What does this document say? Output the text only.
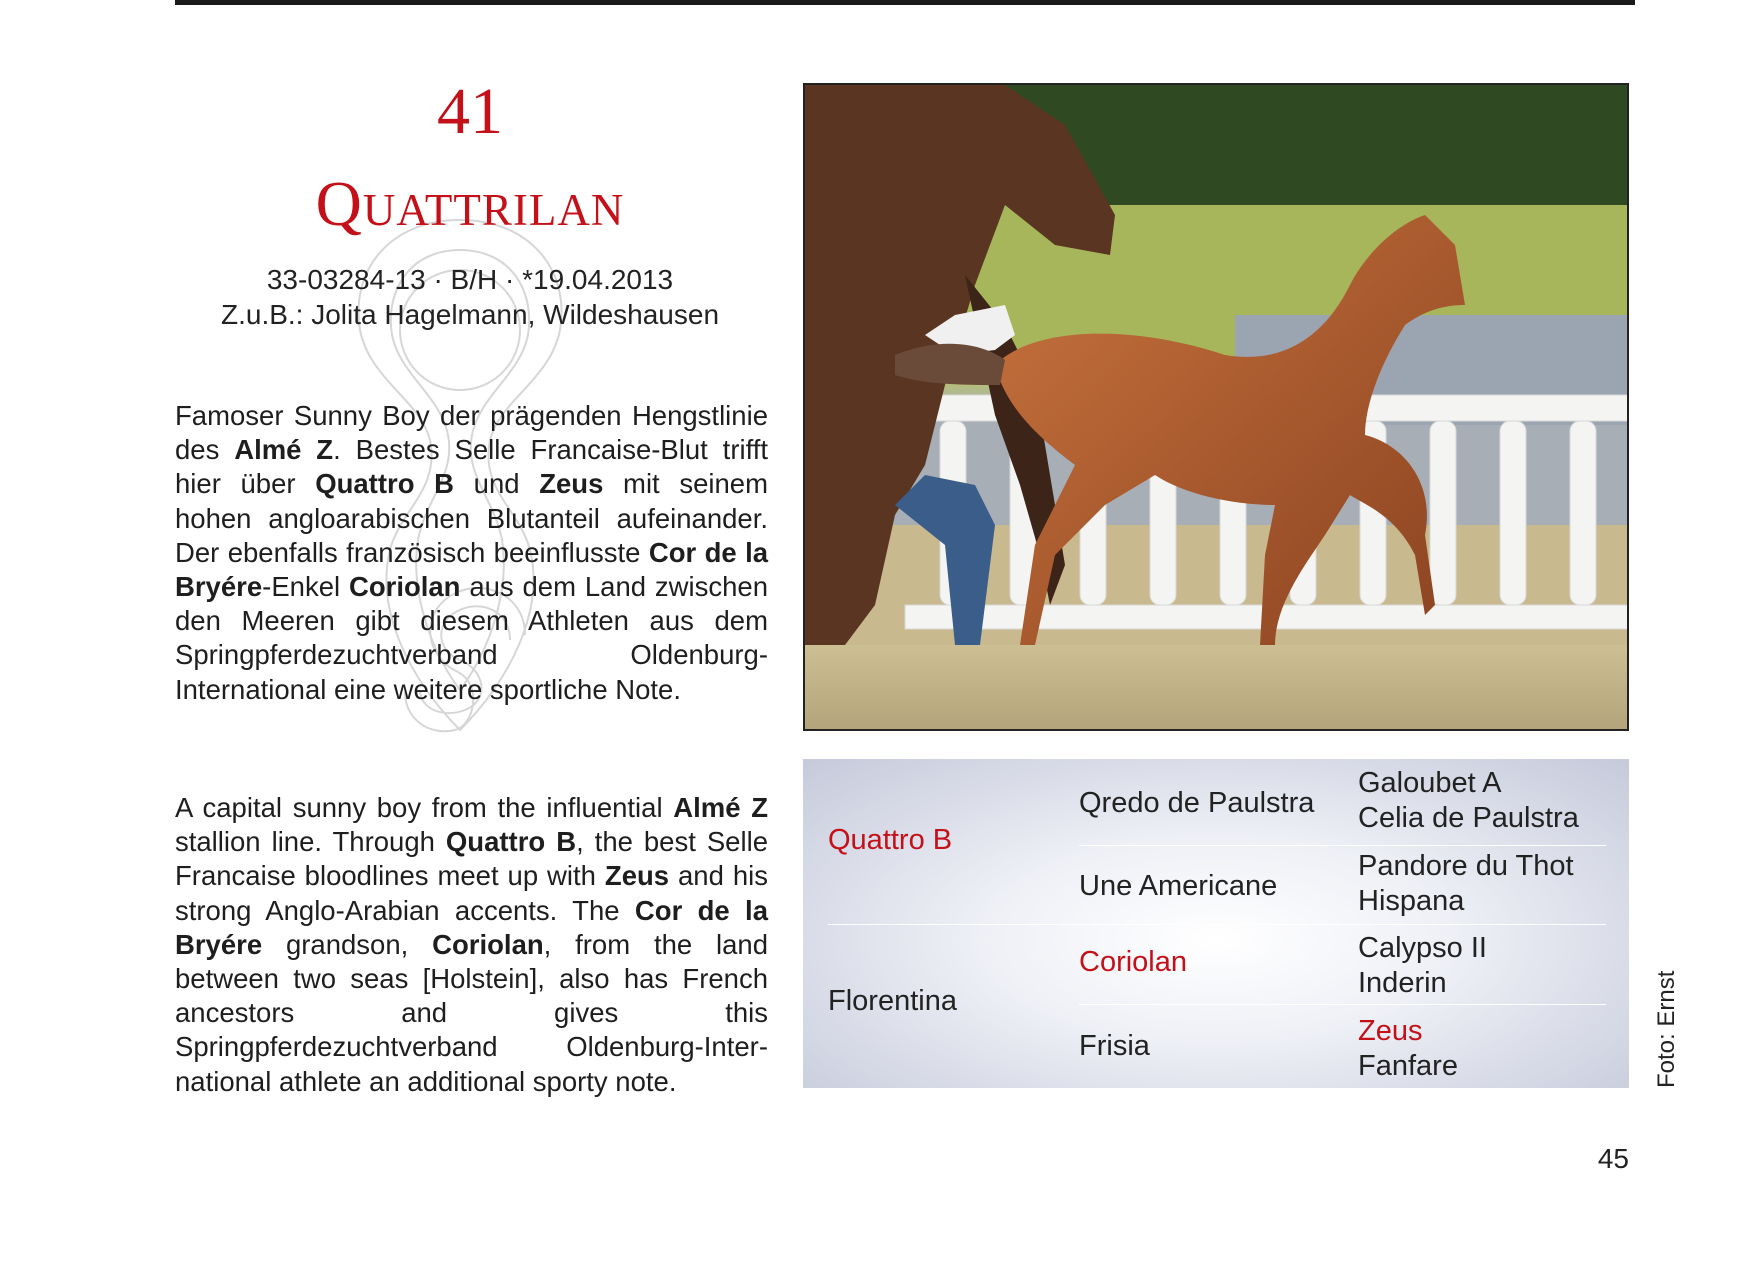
41
Quattrilan
33-03284-13 · B/H · *19.04.2013
Z.u.B.: Jolita Hagelmann, Wildeshausen
Famoser Sunny Boy der prägenden Hengstlinie des Almé Z. Bestes Selle Francaise-Blut trifft hier über Quattro B und Zeus mit seinem hohen angloarabischen Blutanteil aufeinander. Der ebenfalls französisch beeinflusste Cor de la Bryére-Enkel Coriolan aus dem Land zwischen den Meeren gibt diesem Athleten aus dem Springpferdezuchtverband Oldenburg-International eine weitere sportliche Note.
A capital sunny boy from the influential Almé Z stallion line. Through Quattro B, the best Selle Francaise bloodlines meet up with Zeus and his strong Anglo-Arabian accents. The Cor de la Bryére grandson, Coriolan, from the land between two seas [Holstein], also has French ancestors and gives this Springpferdezuchtverband Oldenburg-International athlete an additional sporty note.
Quattro B
Florentina
Qredo de Paulstra
Une Americane
Coriolan
Frisia
Galoubet A
Celia de Paulstra
Pandore du Thot
Hispana
Calypso II
Inderin
Zeus
Fanfare	Foto: Ernst
45
